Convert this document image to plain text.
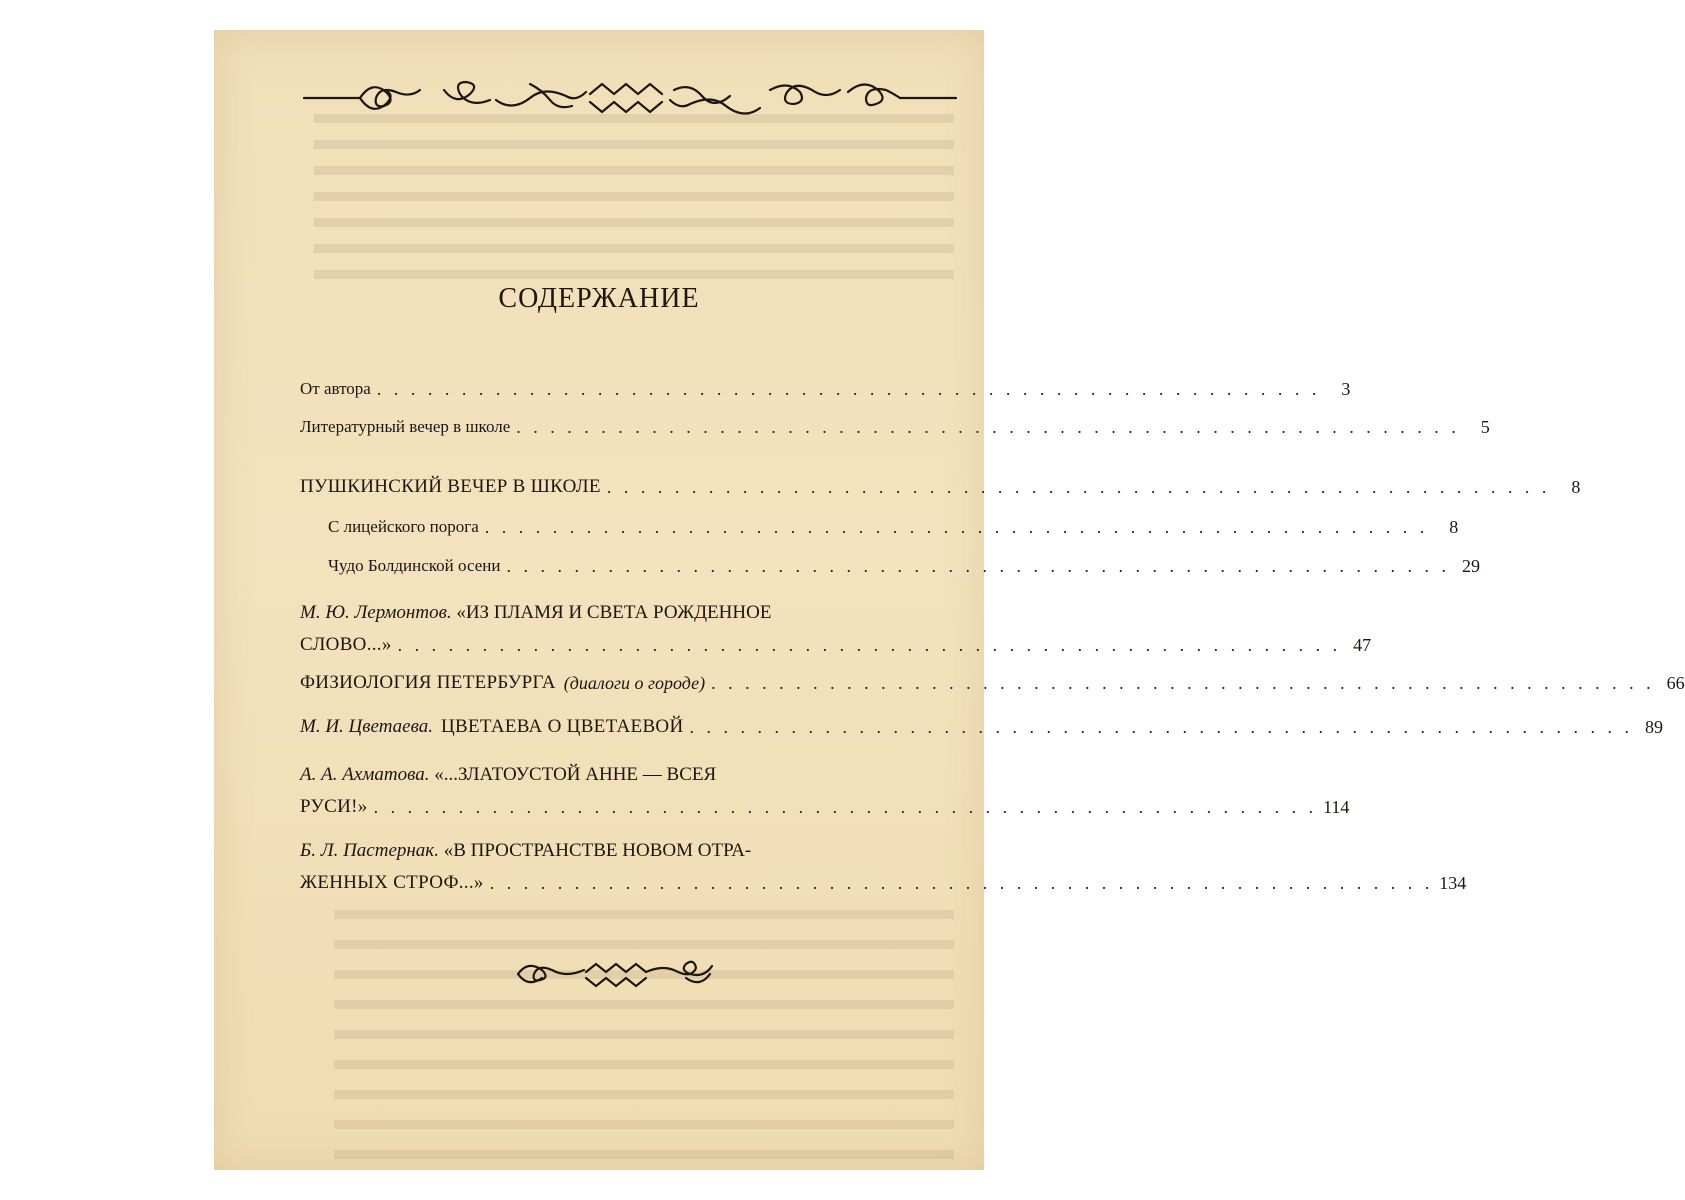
СОДЕРЖАНИЕ
От автора . . . . . . . . . . . . . . . . . . . . . . . . . . . . . . . . . . . . . . . . . . . . . . . . . . . . . . . .	3
Литературный вечер в школе . . . . . . . . . . . . . . . . . . . . . . . . . . . . . . . . . . . . . . . . . . . . . . . . . . . . . . . .	5
ПУШКИНСКИЙ ВЕЧЕР В ШКОЛЕ . . . . . . . . . . . . . . . . . . . . . . . . . . . . . . . . . . . . . . . . . . . . . . . . . . . . . . . .	8
С лицейского порога . . . . . . . . . . . . . . . . . . . . . . . . . . . . . . . . . . . . . . . . . . . . . . . . . . . . . . . .	8
Чудо Болдинской осени . . . . . . . . . . . . . . . . . . . . . . . . . . . . . . . . . . . . . . . . . . . . . . . . . . . . . . . . 29
М. Ю. Лермонтов. «ИЗ ПЛАМЯ И СВЕТА РОЖДЕННОЕ
СЛОВО...» . . . . . . . . . . . . . . . . . . . . . . . . . . . . . . . . . . . . . . . . . . . . . . . . . . . . . . . . 47
ФИЗИОЛОГИЯ ПЕТЕРБУРГА (диалоги о городе) . . . . . . . . . . . . . . . . . . . . . . . . . . . . . . . . . . . . . . . . . . . . . . . . . . . . . . . . 66
М. И. Цветаева. ЦВЕТАЕВА О ЦВЕТАЕВОЙ . . . . . . . . . . . . . . . . . . . . . . . . . . . . . . . . . . . . . . . . . . . . . . . . . . . . . . . . 89
А. А. Ахматова. «...ЗЛАТОУСТОЙ АННЕ — ВСЕЯ
РУСИ!» . . . . . . . . . . . . . . . . . . . . . . . . . . . . . . . . . . . . . . . . . . . . . . . . . . . . . . . . 114
Б. Л. Пастернак. «В ПРОСТРАНСТВЕ НОВОМ ОТРА-
ЖЕННЫХ СТРОФ...» . . . . . . . . . . . . . . . . . . . . . . . . . . . . . . . . . . . . . . . . . . . . . . . . . . . . . . . . 134
